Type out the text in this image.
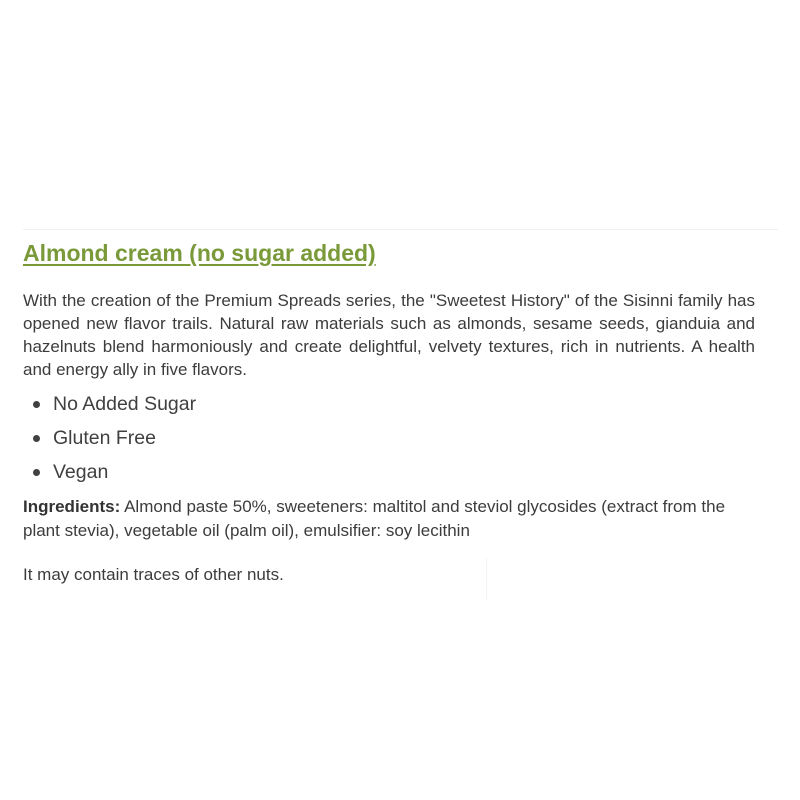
Almond cream (no sugar added)

With the creation of the Premium Spreads series, the "Sweetest History" of the Sisinni family has opened new flavor trails. Natural raw materials such as almonds, sesame seeds, gianduia and hazelnuts blend harmoniously and create delightful, velvety textures, rich in nutrients. A health and energy ally in five flavors.

No Added Sugar
Gluten Free
Vegan

Ingredients: Almond paste 50%, sweeteners: maltitol and steviol glycosides (extract from the plant stevia), vegetable oil (palm oil), emulsifier: soy lecithin

It may contain traces of other nuts.
